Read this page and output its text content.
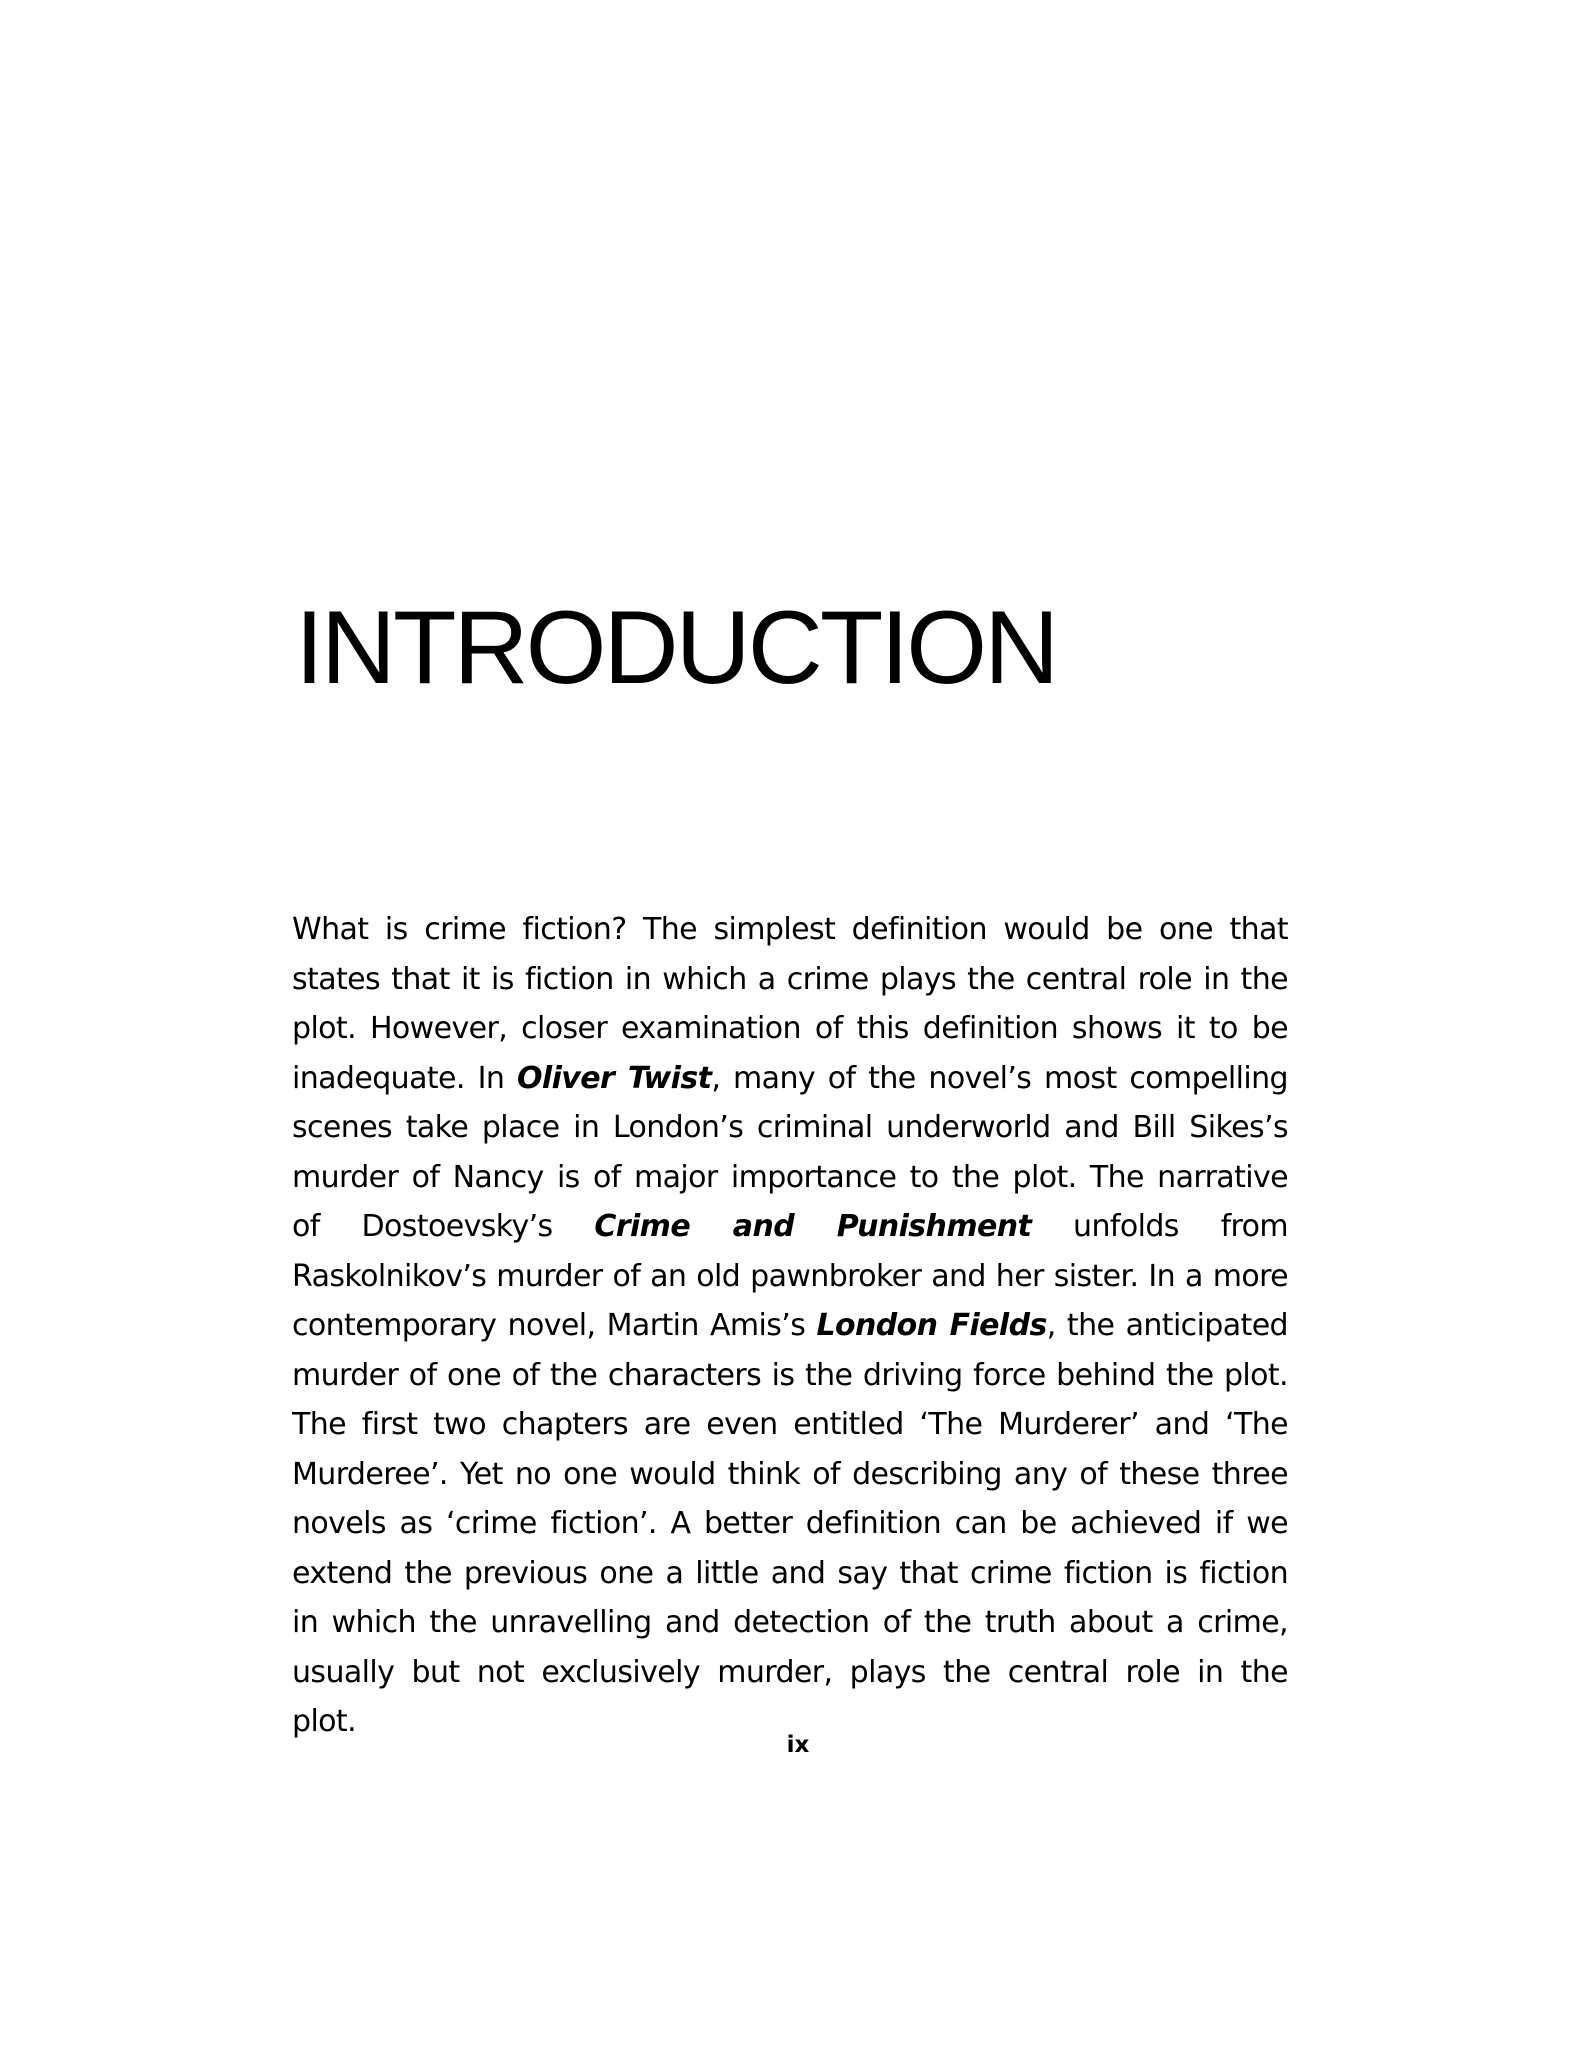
INTRODUCTION

What is crime fiction? The simplest definition would be one that states that it is fiction in which a crime plays the central role in the plot. However, closer examination of this definition shows it to be inadequate. In Oliver Twist, many of the novel’s most compelling scenes take place in London’s criminal underworld and Bill Sikes’s murder of Nancy is of major importance to the plot. The narrative of Dostoevsky’s Crime and Punishment unfolds from Raskolnikov’s murder of an old pawnbroker and her sister. In a more contemporary novel, Martin Amis’s London Fields, the anticipated murder of one of the characters is the driving force behind the plot. The first two chapters are even entitled ‘The Murderer’ and ‘The Murderee’. Yet no one would think of describing any of these three novels as ‘crime fiction’. A better definition can be achieved if we extend the previous one a little and say that crime fiction is fiction in which the unravelling and detection of the truth about a crime, usually but not exclusively murder, plays the central role in the plot.

ix
